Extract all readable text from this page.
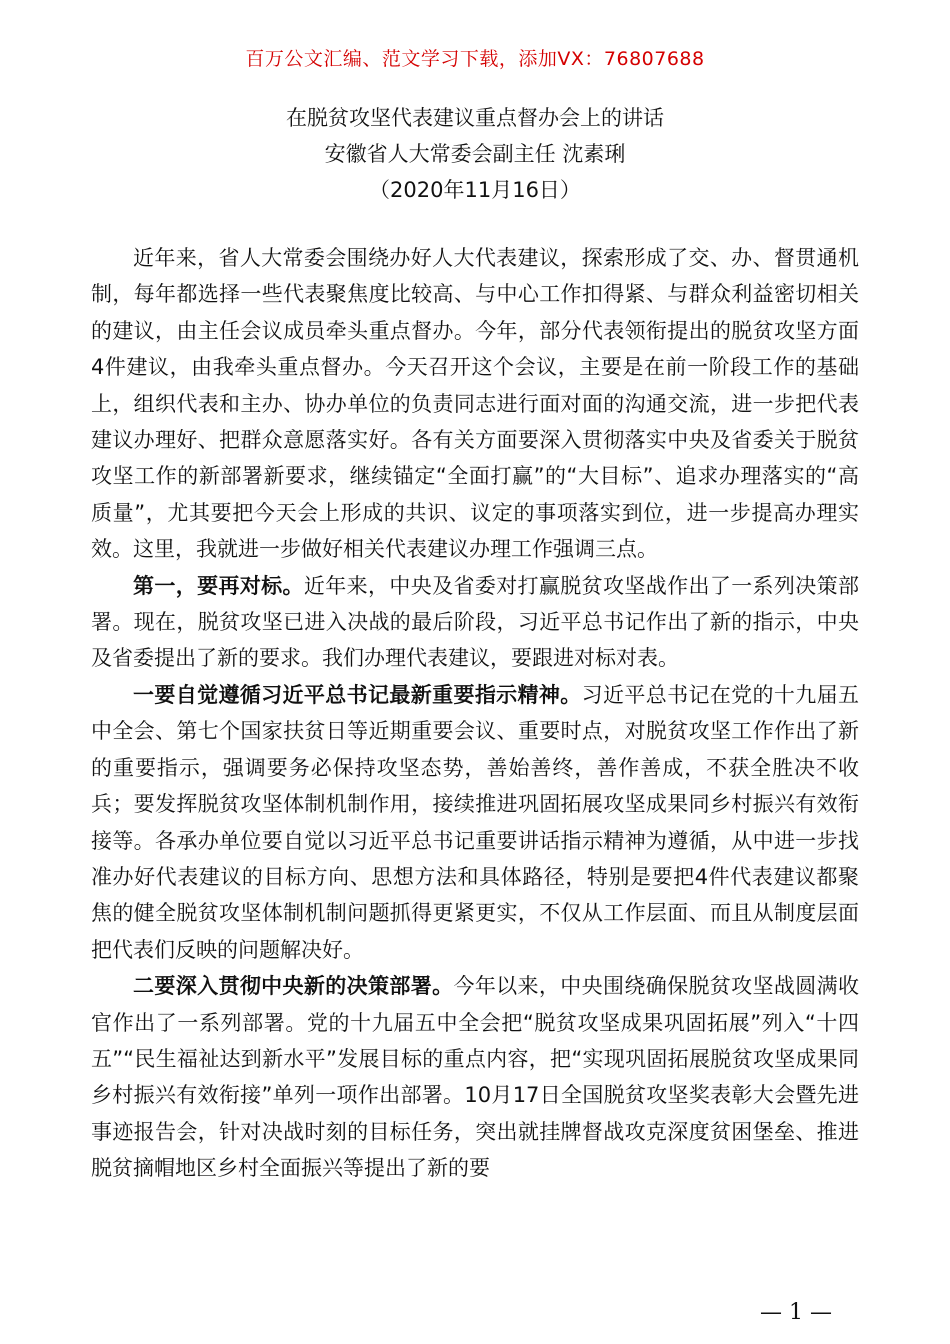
百万公文汇编、范文学习下载，添加VX：76807688
在脱贫攻坚代表建议重点督办会上的讲话
安徽省人大常委会副主任 沈素琍
（2020年11月16日）

近年来，省人大常委会围绕办好人大代表建议，探索形成了交、办、督贯通机制，每年都选择一些代表聚焦度比较高、与中心工作扣得紧、与群众利益密切相关的建议，由主任会议成员牵头重点督办。今年，部分代表领衔提出的脱贫攻坚方面4件建议，由我牵头重点督办。今天召开这个会议，主要是在前一阶段工作的基础上，组织代表和主办、协办单位的负责同志进行面对面的沟通交流，进一步把代表建议办理好、把群众意愿落实好。各有关方面要深入贯彻落实中央及省委关于脱贫攻坚工作的新部署新要求，继续锚定“全面打赢”的“大目标”、追求办理落实的“高质量”，尤其要把今天会上形成的共识、议定的事项落实到位，进一步提高办理实效。这里，我就进一步做好相关代表建议办理工作强调三点。

第一，要再对标。近年来，中央及省委对打赢脱贫攻坚战作出了一系列决策部署。现在，脱贫攻坚已进入决战的最后阶段，习近平总书记作出了新的指示，中央及省委提出了新的要求。我们办理代表建议，要跟进对标对表。

一要自觉遵循习近平总书记最新重要指示精神。习近平总书记在党的十九届五中全会、第七个国家扶贫日等近期重要会议、重要时点，对脱贫攻坚工作作出了新的重要指示，强调要务必保持攻坚态势，善始善终，善作善成，不获全胜决不收兵；要发挥脱贫攻坚体制机制作用，接续推进巩固拓展攻坚成果同乡村振兴有效衔接等。各承办单位要自觉以习近平总书记重要讲话指示精神为遵循，从中进一步找准办好代表建议的目标方向、思想方法和具体路径，特别是要把4件代表建议都聚焦的健全脱贫攻坚体制机制问题抓得更紧更实，不仅从工作层面、而且从制度层面把代表们反映的问题解决好。

二要深入贯彻中央新的决策部署。今年以来，中央围绕确保脱贫攻坚战圆满收官作出了一系列部署。党的十九届五中全会把“脱贫攻坚成果巩固拓展”列入“十四五”“民生福祉达到新水平”发展目标的重点内容，把“实现巩固拓展脱贫攻坚成果同乡村振兴有效衔接”单列一项作出部署。10月17日全国脱贫攻坚奖表彰大会暨先进事迹报告会，针对决战时刻的目标任务，突出就挂牌督战攻克深度贫困堡垒、推进脱贫摘帽地区乡村全面振兴等提出了新的要

— 1 —
